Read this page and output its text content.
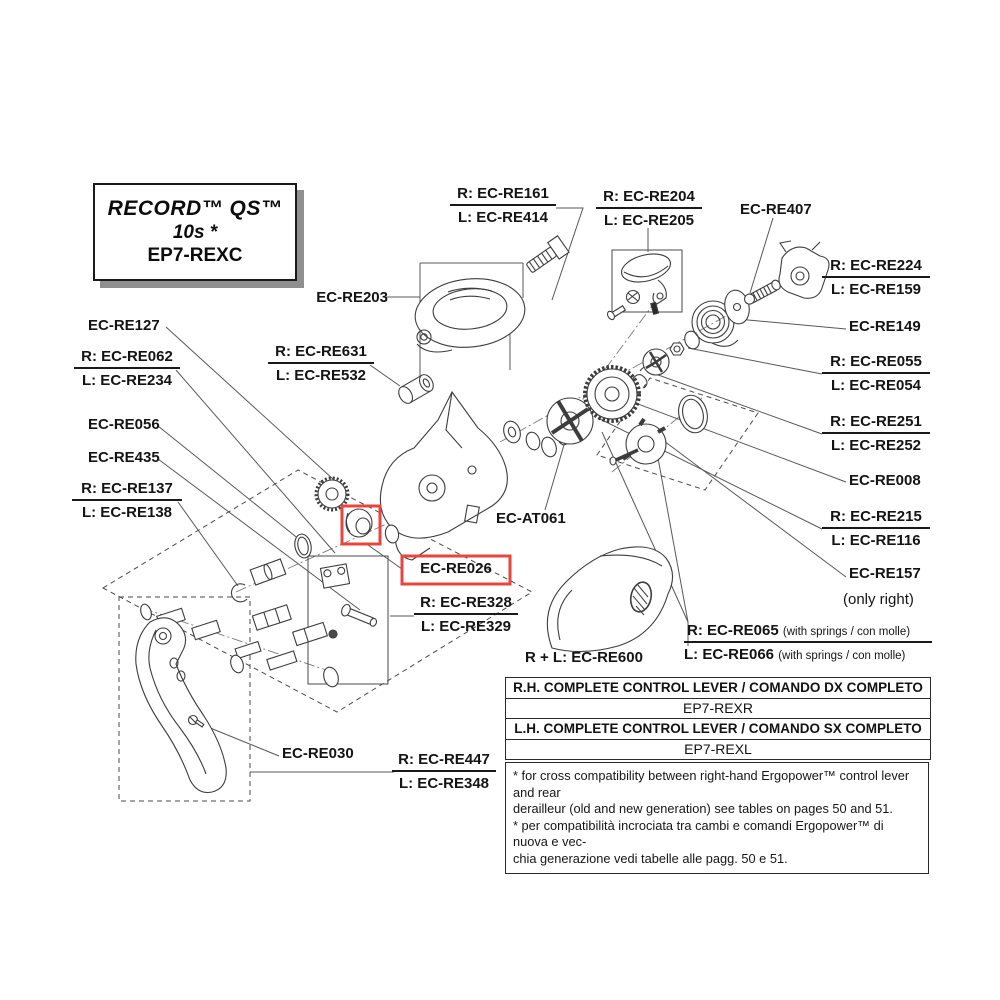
RECORD™ QS™
10s *
EP7-REXC
EC-RE203
EC-RE127
EC-RE056
EC-RE435
EC-RE407
EC-RE149
EC-RE008
EC-RE157
(only right)
EC-AT061
EC-RE026
R + L: EC-RE600
EC-RE030
R: EC-RE062
L: EC-RE234
R: EC-RE137
L: EC-RE138
R: EC-RE631
L: EC-RE532
R: EC-RE161
L: EC-RE414
R: EC-RE204
L: EC-RE205
R: EC-RE224
L: EC-RE159
R: EC-RE055
L: EC-RE054
R: EC-RE251
L: EC-RE252
R: EC-RE215
L: EC-RE116
R: EC-RE328
L: EC-RE329
R: EC-RE447
L: EC-RE348
R: EC-RE065 (with springs / con molle)
L: EC-RE066 (with springs / con molle)
R.H. COMPLETE CONTROL LEVER / COMANDO DX COMPLETO
EP7-REXR
L.H. COMPLETE CONTROL LEVER / COMANDO SX COMPLETO
EP7-REXL
* for cross compatibility between right-hand Ergopower™ control lever and rear
derailleur (old and new generation) see tables on pages 50 and 51.
* per compatibilità incrociata tra cambi e comandi Ergopower™ di nuova e vec-
chia generazione vedi tabelle alle pagg. 50 e 51.
